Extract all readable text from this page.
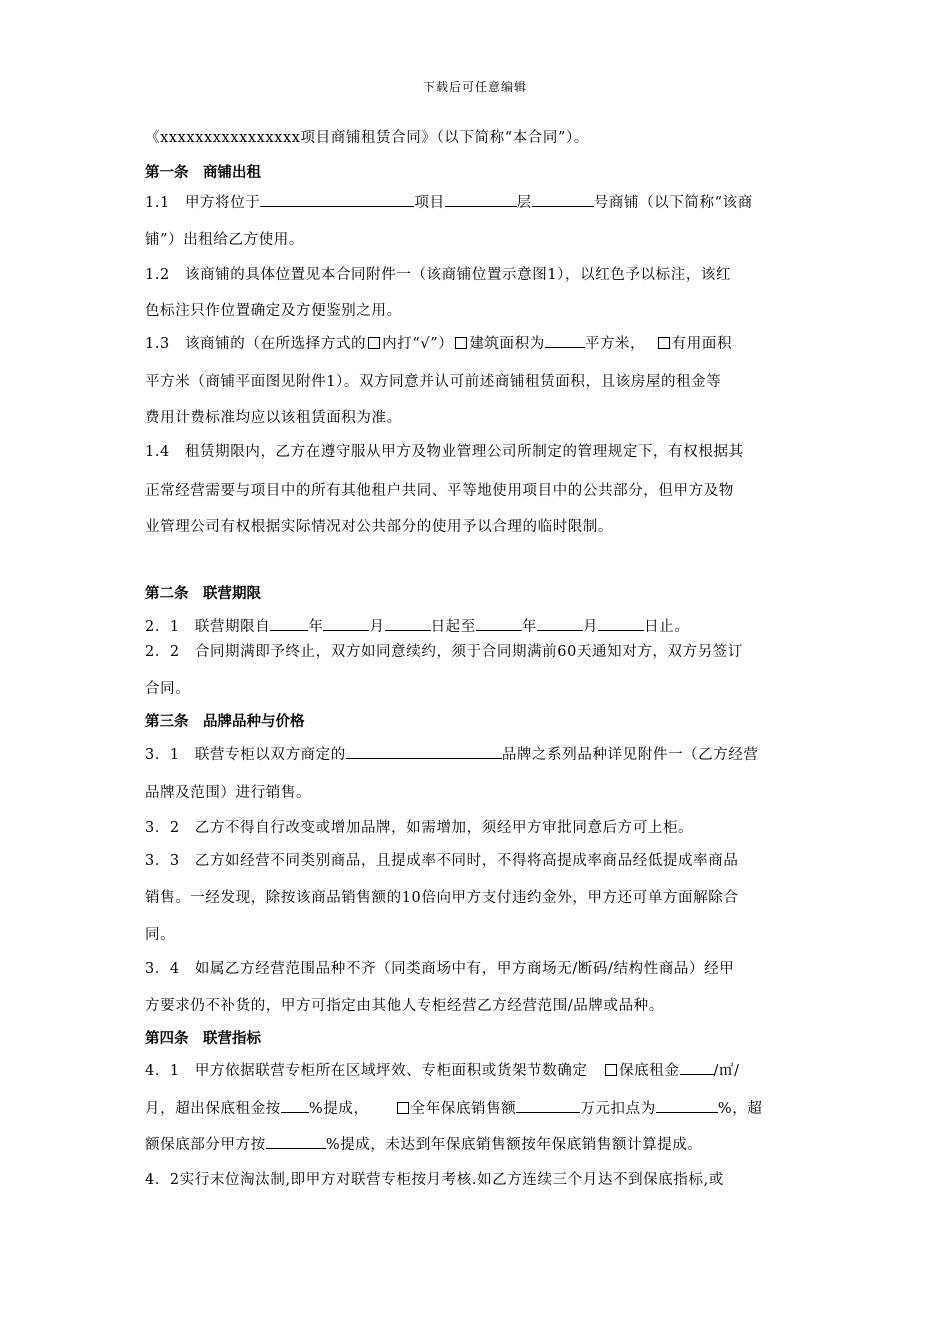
下载后可任意编辑
《xxxxxxxxxxxxxxxx项目商铺租赁合同》（以下简称“本合同”）。
第一条　商铺出租
1.1　甲方将位于	项目	层	号商铺（以下简称“该商
铺”）出租给乙方使用。
1.2　该商铺的具体位置见本合同附件一（该商铺位置示意图1），以红色予以标注，该红
色标注只作位置确定及方便鉴别之用。
1.3　该商铺的（在所选择方式的 内打“√”） 建筑面积为	平方米， 有用面积
平方米（商铺平面图见附件1）。双方同意并认可前述商铺租赁面积，且该房屋的租金等
费用计费标准均应以该租赁面积为准。
1.4　租赁期限内，乙方在遵守服从甲方及物业管理公司所制定的管理规定下，有权根据其
正常经营需要与项目中的所有其他租户共同、平等地使用项目中的公共部分，但甲方及物
业管理公司有权根据实际情况对公共部分的使用予以合理的临时限制。
第二条　联营期限
2．1　联营期限自	年	月	日起至	年	月	日止。
2．2　合同期满即予终止，双方如同意续约，须于合同期满前60天通知对方，双方另签订
合同。
第三条　品牌品种与价格
3．1　联营专柜以双方商定的	品牌之系列品种详见附件一（乙方经营
品牌及范围）进行销售。
3．2　乙方不得自行改变或增加品牌，如需增加，须经甲方审批同意后方可上柜。
3．3　乙方如经营不同类别商品，且提成率不同时，不得将高提成率商品经低提成率商品
销售。一经发现，除按该商品销售额的10倍向甲方支付违约金外，甲方还可单方面解除合
同。
3．4　如属乙方经营范围品种不齐（同类商场中有，甲方商场无/断码/结构性商品）经甲
方要求仍不补货的，甲方可指定由其他人专柜经营乙方经营范围/品牌或品种。
第四条　联营指标
4．1　甲方依据联营专柜所在区域坪效、专柜面积或货架节数确定 保底租金 /㎡/
月，超出保底租金按 %提成，	全年保底销售额	万元扣点为	%，超
额保底部分甲方按	%提成，未达到年保底销售额按年保底销售额计算提成。
4．2实行末位淘汰制,即甲方对联营专柜按月考核.如乙方连续三个月达不到保底指标,或
